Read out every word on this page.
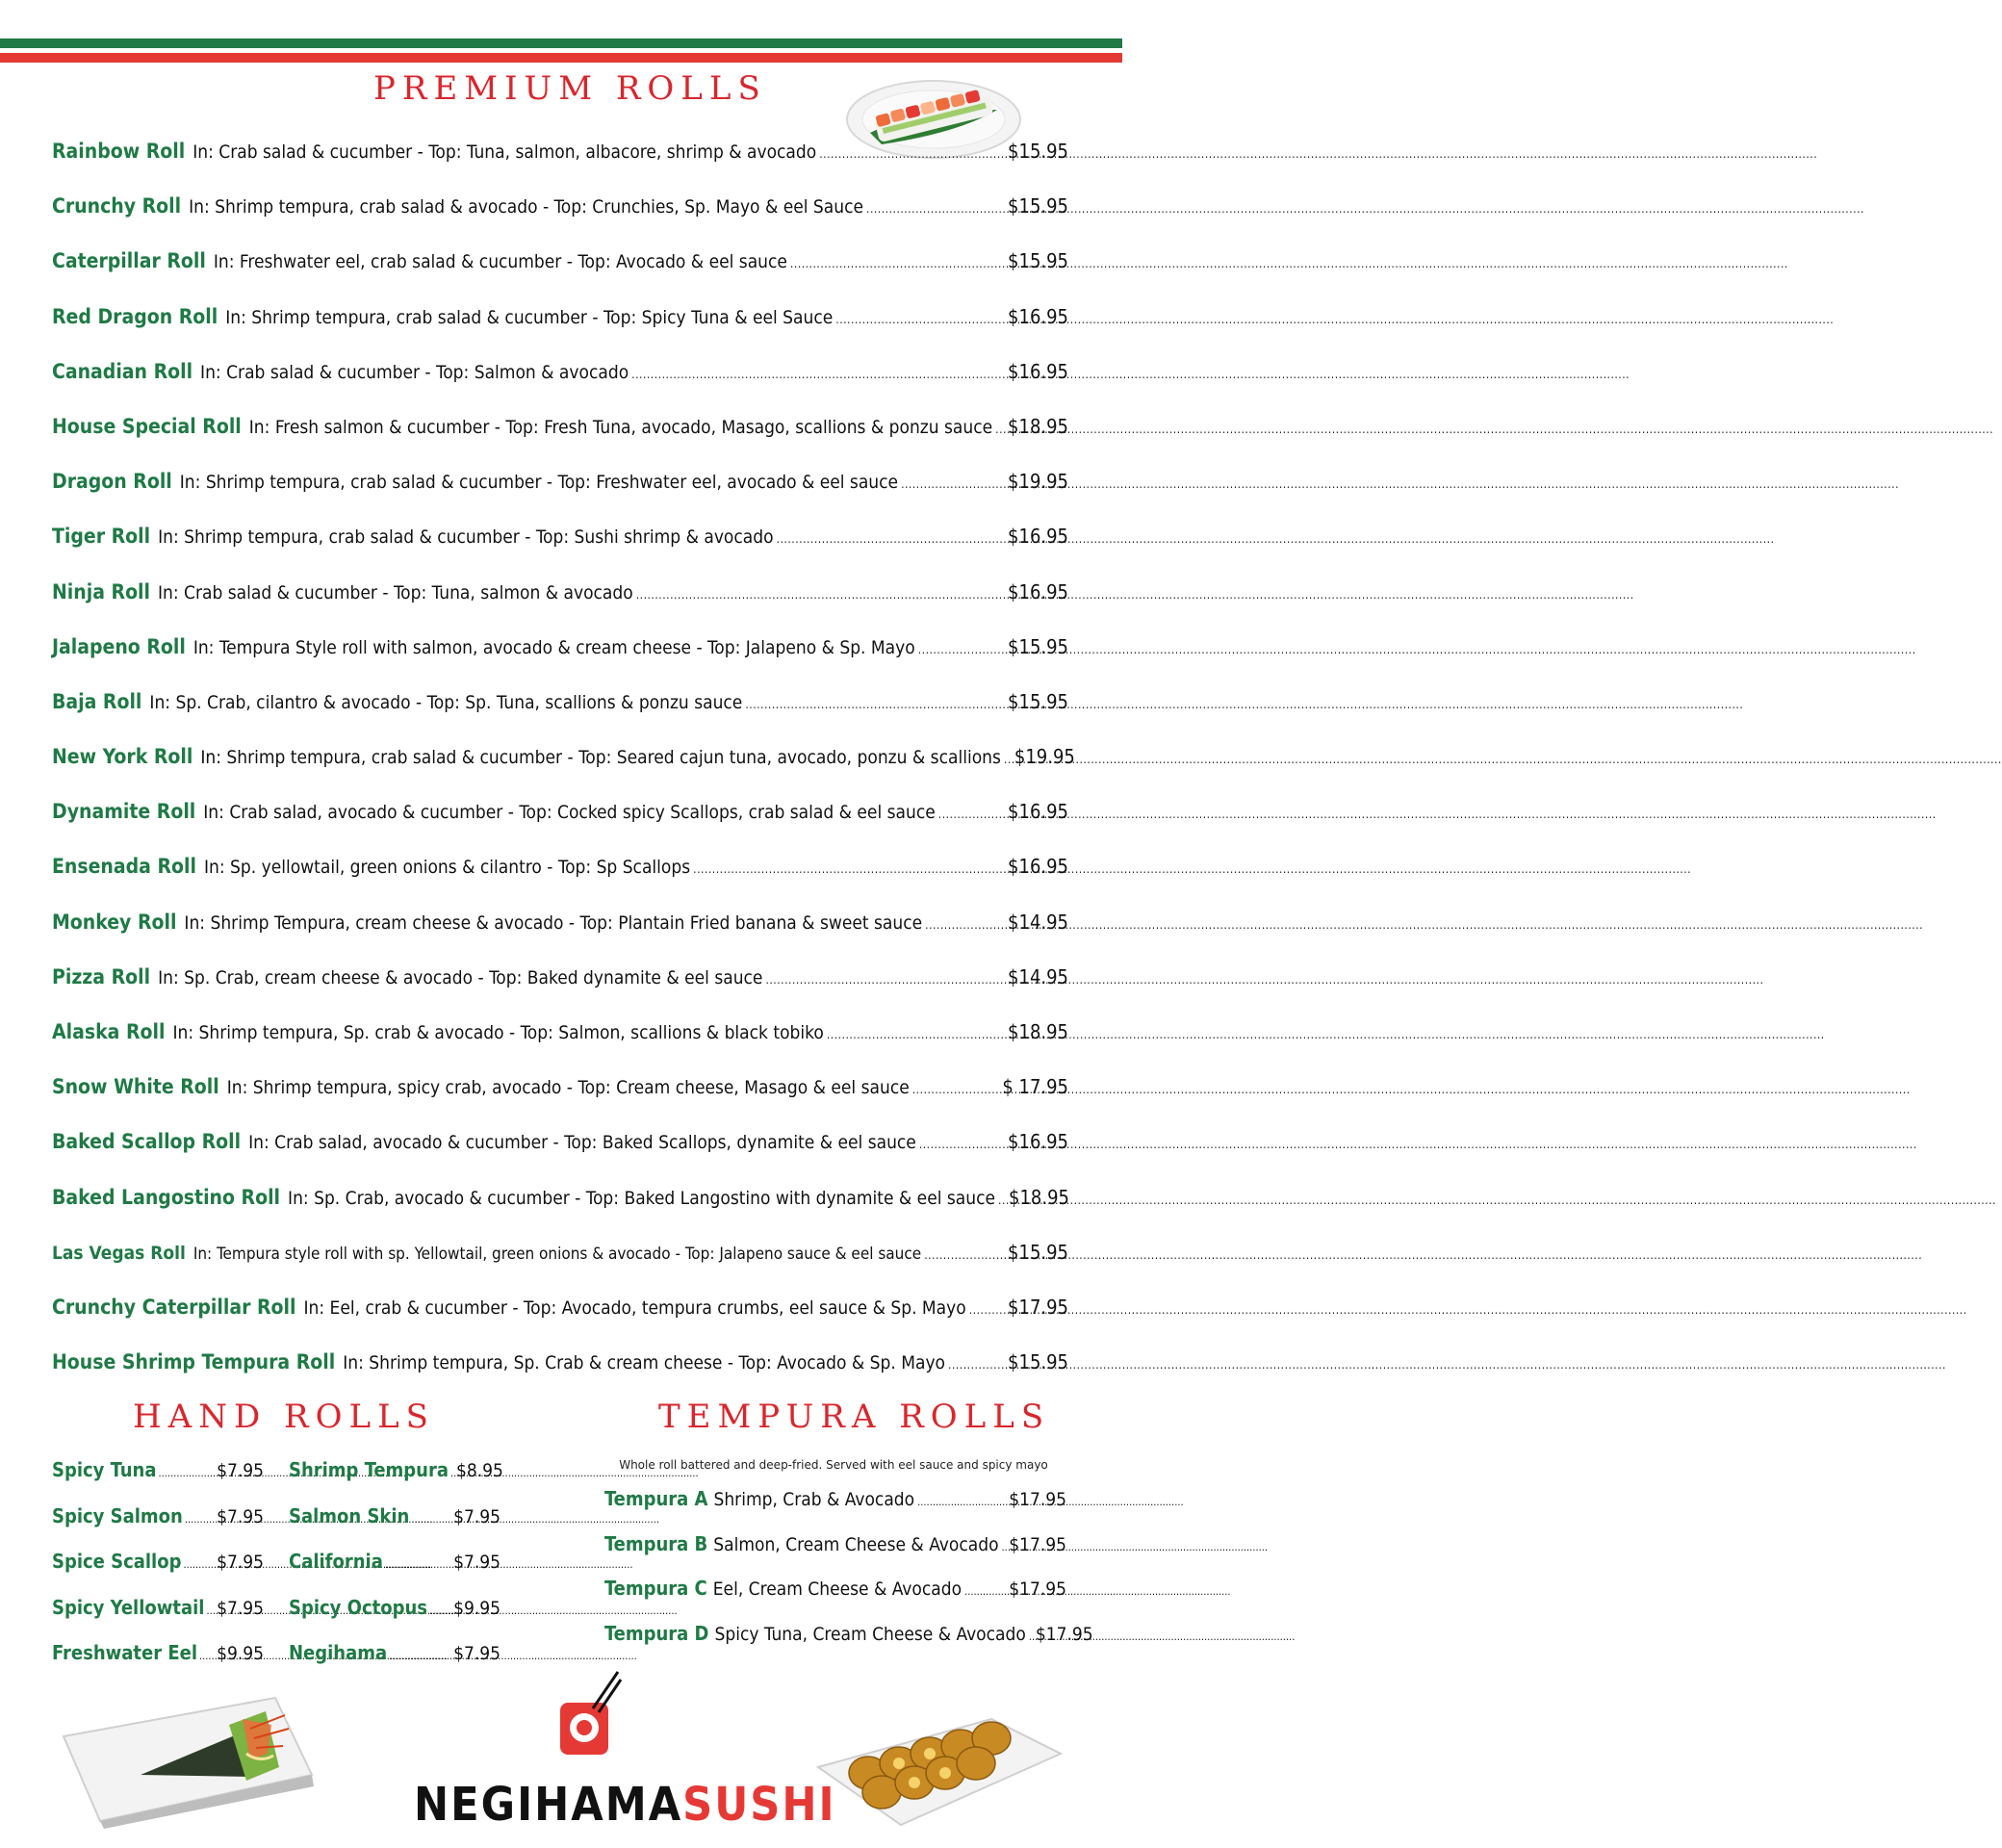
PREMIUM ROLLS
Rainbow Roll In: Crab salad & cucumber - Top: Tuna, salmon, albacore, shrimp & avocado .....	$15.95
Crunchy Roll In: Shrimp tempura, crab salad & avocado - Top: Crunchies, Sp. Mayo & eel Sauce .....	$15.95
Caterpillar Roll In: Freshwater eel, crab salad & cucumber - Top: Avocado & eel sauce .....	$15.95
Red Dragon Roll In: Shrimp tempura, crab salad & cucumber - Top: Spicy Tuna & eel Sauce .....	$16.95
Canadian Roll In: Crab salad & cucumber - Top: Salmon & avocado .....	$16.95
House Special Roll In: Fresh salmon & cucumber - Top: Fresh Tuna, avocado, Masago, scallions & ponzu sauce ..... $18.95
Dragon Roll In: Shrimp tempura, crab salad & cucumber - Top: Freshwater eel, avocado & eel sauce .....	$19.95
Tiger Roll In: Shrimp tempura, crab salad & cucumber - Top: Sushi shrimp & avocado .....	$16.95
Ninja Roll In: Crab salad & cucumber - Top: Tuna, salmon & avocado .....	$16.95
Jalapeno Roll In: Tempura Style roll with salmon, avocado & cream cheese - Top: Jalapeno & Sp. Mayo .....	$15.95
Baja Roll In: Sp. Crab, cilantro & avocado - Top: Sp. Tuna, scallions & ponzu sauce .....	$15.95
New York Roll In: Shrimp tempura, crab salad & cucumber - Top: Seared cajun tuna, avocado, ponzu & scallions ..... $19.95
Dynamite Roll In: Crab salad, avocado & cucumber - Top: Cocked spicy Scallops, crab salad & eel sauce .....	$16.95
Ensenada Roll In: Sp. yellowtail, green onions & cilantro - Top: Sp Scallops .....	$16.95
Monkey Roll In: Shrimp Tempura, cream cheese & avocado - Top: Plantain Fried banana & sweet sauce .....	$14.95
Pizza Roll In: Sp. Crab, cream cheese & avocado - Top: Baked dynamite & eel sauce .....	$14.95
Alaska Roll In: Shrimp tempura, Sp. crab & avocado - Top: Salmon, scallions & black tobiko .....	$18.95
Snow White Roll In: Shrimp tempura, spicy crab, avocado - Top: Cream cheese, Masago & eel sauce .....	$ 17.95
Baked Scallop Roll In: Crab salad, avocado & cucumber - Top: Baked Scallops, dynamite & eel sauce .....	$16.95
Baked Langostino Roll In: Sp. Crab, avocado & cucumber - Top: Baked Langostino with dynamite & eel sauce ..... $18.95
Las Vegas Roll In: Tempura style roll with sp. Yellowtail, green onions & avocado - Top: Jalapeno sauce & eel sauce .....	$15.95
Crunchy Caterpillar Roll In: Eel, crab & cucumber - Top: Avocado, tempura crumbs, eel sauce & Sp. Mayo ..... $17.95
House Shrimp Tempura Roll In: Shrimp tempura, Sp. Crab & cream cheese - Top: Avocado & Sp. Mayo .....	$15.95
HAND ROLLS	TEMPURA ROLLS
Spicy Tuna .....	$7.95
Spicy Salmon ..... $7.95
Spice Scallop ..... $7.95
Spicy Yellowtail ..... $7.95
Freshwater Eel ..... $9.95
Shrimp Tempura ..... $8.95
Salmon Skin ..... $7.95
California .....	$7.95
Spicy Octopus ..... $9.95
Negihama .....	$7.95
Whole roll battered and deep-fried. Served with eel sauce and spicy mayo
Tempura A Shrimp, Crab & Avocado .....	$17.95
Tempura B Salmon, Cream Cheese & Avocado ..... $17.95
Tempura C Eel, Cream Cheese & Avocado .....	$17.95
Tempura D Spicy Tuna, Cream Cheese & Avocado ..... $17.95
NEGIHAMASUSHI
